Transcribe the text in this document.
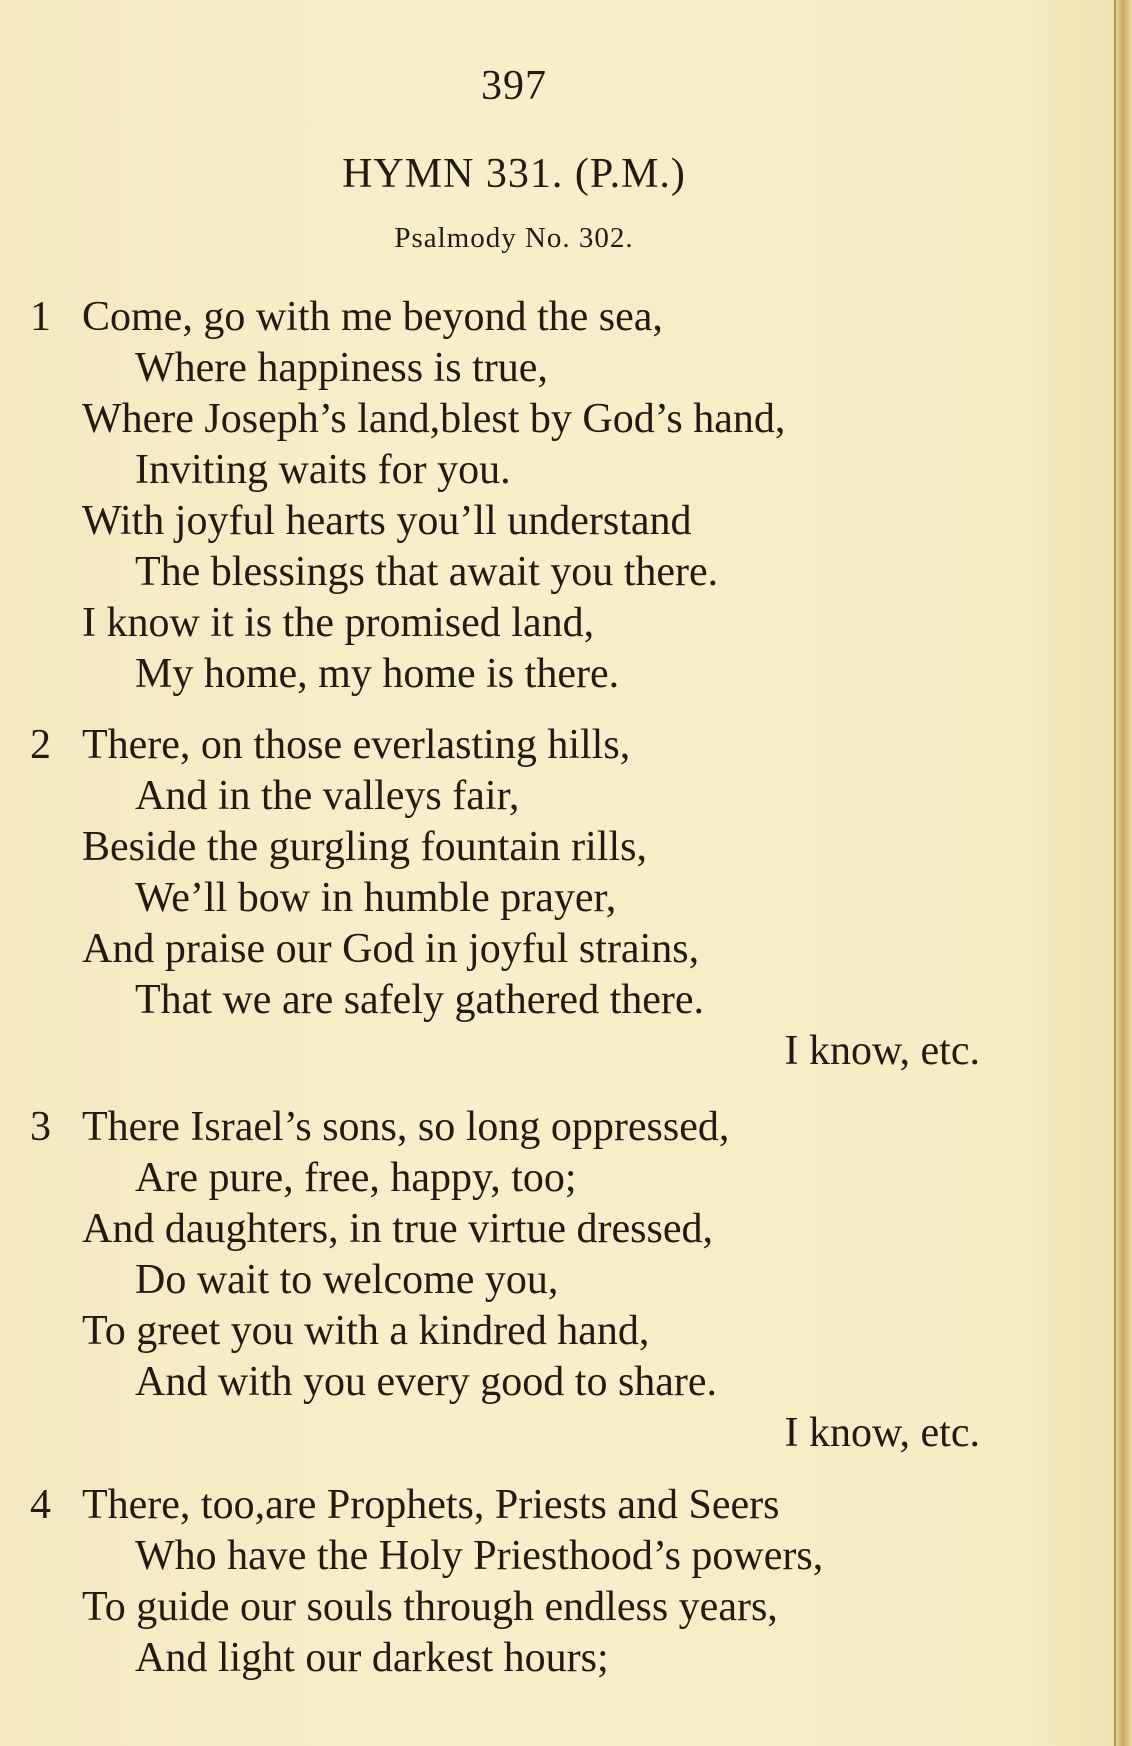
397
HYMN 331. (P.M.)
Psalmody No. 302.
1 Come, go with me beyond the sea,
Where happiness is true,
Where Joseph’s land,blest by God’s hand,
Inviting waits for you.
With joyful hearts you’ll understand
The blessings that await you there.
I know it is the promised land,
My home, my home is there.
2 There, on those everlasting hills,
And in the valleys fair,
Beside the gurgling fountain rills,
We’ll bow in humble prayer,
And praise our God in joyful strains,
That we are safely gathered there.
I know, etc.
3 There Israel’s sons, so long oppressed,
Are pure, free, happy, too;
And daughters, in true virtue dressed,
Do wait to welcome you,
To greet you with a kindred hand,
And with you every good to share.
I know, etc.
4 There, too,are Prophets, Priests and Seers
Who have the Holy Priesthood’s powers,
To guide our souls through endless years,
And light our darkest hours;
